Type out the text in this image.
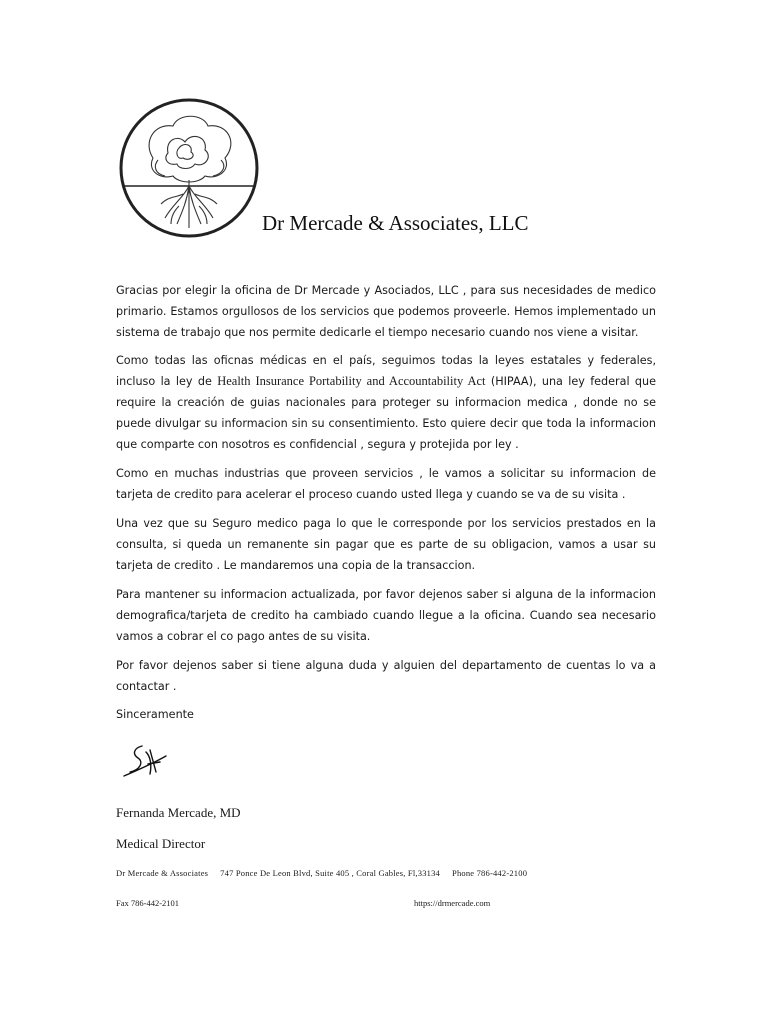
Dr Mercade & Associates, LLC
Gracias por elegir la oficina de Dr Mercade y Asociados, LLC , para sus necesidades de medico primario. Estamos orgullosos de los servicios que podemos proveerle. Hemos implementado un sistema de trabajo que nos permite dedicarle el tiempo necesario cuando nos viene a visitar.
Como todas las oficnas médicas en el país, seguimos todas la leyes estatales y federales, incluso la ley de Health Insurance Portability and Accountability Act (HIPAA), una ley federal que require la creación de guias nacionales para proteger su informacion medica , donde no se puede divulgar su informacion sin su consentimiento. Esto quiere decir que toda la informacion que comparte con nosotros es confidencial , segura y protejida por ley .
Como en muchas industrias que proveen servicios , le vamos a solicitar su informacion de tarjeta de credito para acelerar el proceso cuando usted llega y cuando se va de su visita .
Una vez que su Seguro medico paga lo que le corresponde por los servicios prestados en la consulta, si queda un remanente sin pagar que es parte de su obligacion, vamos a usar su tarjeta de credito . Le mandaremos una copia de la transaccion.
Para mantener su informacion actualizada, por favor dejenos saber si alguna de la informacion demografica/tarjeta de credito ha cambiado cuando llegue a la oficina. Cuando sea necesario vamos a cobrar el co pago antes de su visita.
Por favor dejenos saber si tiene alguna duda y alguien del departamento de cuentas lo va a contactar .
Sinceramente
Fernanda Mercade, MD
Medical Director
Dr Mercade & Associates 747 Ponce De Leon Blvd, Suite 405 , Coral Gables, Fl,33134 Phone 786-442-2100
Fax 786-442-2101	https://drmercade.com
